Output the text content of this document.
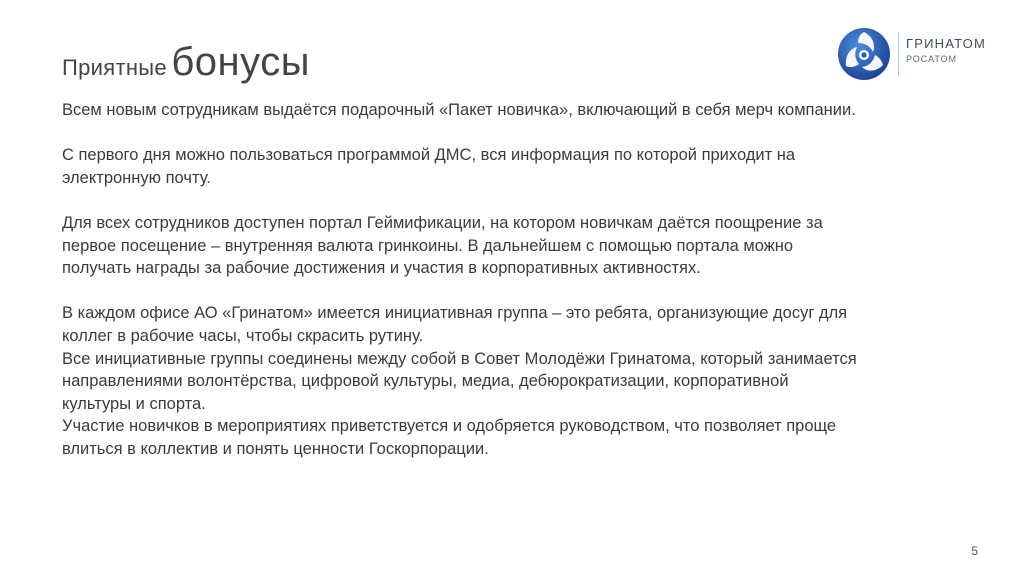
Приятные бонусы	ГРИНАТОМ
РОСАТОМ

Всем новым сотрудникам выдаётся подарочный «Пакет новичка», включающий в себя мерч компании.

С первого дня можно пользоваться программой ДМС, вся информация по которой приходит на электронную почту.

Для всех сотрудников доступен портал Геймификации, на котором новичкам даётся поощрение за первое посещение – внутренняя валюта гринкоины. В дальнейшем с помощью портала можно получать награды за рабочие достижения и участия в корпоративных активностях.

В каждом офисе АО «Гринатом» имеется инициативная группа – это ребята, организующие досуг для коллег в рабочие часы, чтобы скрасить рутину.

Все инициативные группы соединены между собой в Совет Молодёжи Гринатома, который занимается направлениями волонтёрства, цифровой культуры, медиа, дебюрократизации, корпоративной культуры и спорта.

Участие новичков в мероприятиях приветствуется и одобряется руководством, что позволяет проще влиться в коллектив и понять ценности Госкорпорации.

5
